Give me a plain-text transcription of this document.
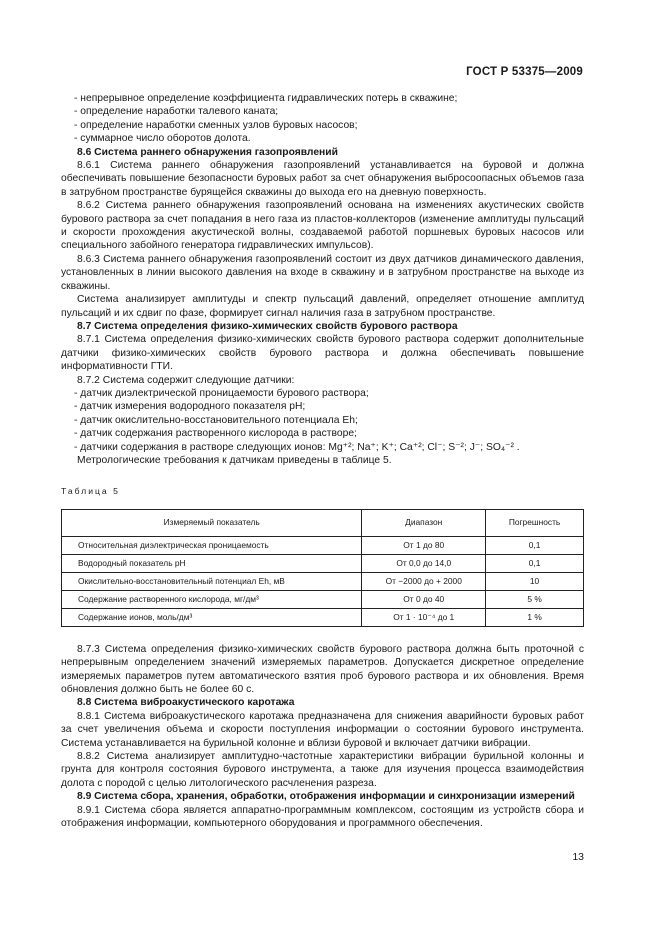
ГОСТ Р 53375—2009
- непрерывное определение коэффициента гидравлических потерь в скважине;
- определение наработки талевого каната;
- определение наработки сменных узлов буровых насосов;
- суммарное число оборотов долота.
8.6 Система раннего обнаружения газопроявлений
8.6.1 Система раннего обнаружения газопроявлений устанавливается на буровой и должна обеспечивать повышение безопасности буровых работ за счет обнаружения выбросоопасных объемов газа в затрубном пространстве бурящейся скважины до выхода его на дневную поверхность.
8.6.2 Система раннего обнаружения газопроявлений основана на изменениях акустических свойств бурового раствора за счет попадания в него газа из пластов-коллекторов (изменение амплитуды пульсаций и скорости прохождения акустической волны, создаваемой работой поршневых буровых насосов или специального забойного генератора гидравлических импульсов).
8.6.3 Система раннего обнаружения газопроявлений состоит из двух датчиков динамического давления, установленных в линии высокого давления на входе в скважину и в затрубном пространстве на выходе из скважины.
Система анализирует амплитуды и спектр пульсаций давлений, определяет отношение амплитуд пульсаций и их сдвиг по фазе, формирует сигнал наличия газа в затрубном пространстве.
8.7 Система определения физико-химических свойств бурового раствора
8.7.1 Система определения физико-химических свойств бурового раствора содержит дополнительные датчики физико-химических свойств бурового раствора и должна обеспечивать повышение информативности ГТИ.
8.7.2 Система содержит следующие датчики:
- датчик диэлектрической проницаемости бурового раствора;
- датчик измерения водородного показателя pH;
- датчик окислительно-восстановительного потенциала Eh;
- датчик содержания растворенного кислорода в растворе;
- датчики содержания в растворе следующих ионов: Mg⁺²; Na⁺; K⁺; Ca⁺²; Cl⁻; S⁻²; J⁻; SO₄⁻² .
Метрологические требования к датчикам приведены в таблице 5.
Таблица 5
Измеряемый показатель	Диапазон	Погрешность
Относительная диэлектрическая проницаемость	От 1 до 80	0,1
Водородный показатель pH	От 0,0 до 14,0	0,1
Окислительно-восстановительный потенциал Eh, мВ	От −2000 до + 2000	10
Содержание растворенного кислорода, мг/дм³	От 0 до 40	5 %
Содержание ионов, моль/дм³	От 1 · 10⁻⁴ до 1	1 %
8.7.3 Система определения физико-химических свойств бурового раствора должна быть проточной с непрерывным определением значений измеряемых параметров. Допускается дискретное определение измеряемых параметров путем автоматического взятия проб бурового раствора и их обновления. Время обновления должно быть не более 60 с.
8.8 Система виброакустического каротажа
8.8.1 Система виброакустического каротажа предназначена для снижения аварийности буровых работ за счет увеличения объема и скорости поступления информации о состоянии бурового инструмента. Система устанавливается на бурильной колонне и вблизи буровой и включает датчики вибрации.
8.8.2 Система анализирует амплитудно-частотные характеристики вибрации бурильной колонны и грунта для контроля состояния бурового инструмента, а также для изучения процесса взаимодействия долота с породой с целью литологического расчленения разреза.
8.9 Система сбора, хранения, обработки, отображения информации и синхронизации измерений
8.9.1 Система сбора является аппаратно-программным комплексом, состоящим из устройств сбора и отображения информации, компьютерного оборудования и программного обеспечения.
13
